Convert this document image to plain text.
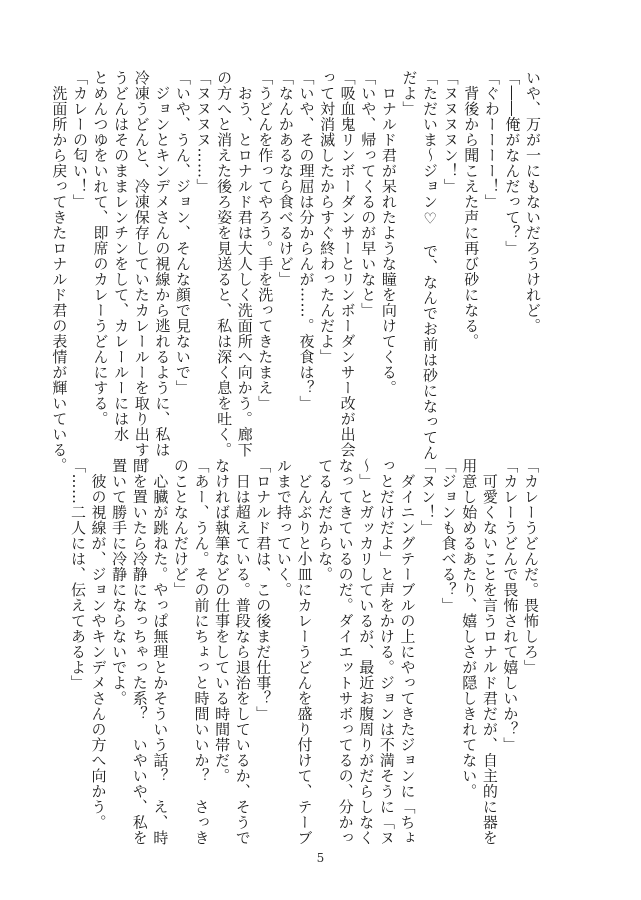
いや、万が一にもないだろうけれど。
「――俺がなんだって？」
「ぐわーーーー！」
　背後から聞こえた声に再び砂になる。
「ヌヌヌヌン！」
「ただいま〜ジョン♡　で、なんでお前は砂になってん
だよ」
　ロナルド君が呆れたような瞳を向けてくる。
「いや、帰ってくるのが早いなと」
「吸血鬼リンボーダンサーとリンボーダンサー改が出会
って対消滅したからすぐ終わったんだよ」
「いや、その理屈は分からんが……。夜食は？」
「なんかあるなら食べるけど」
「うどんを作ってやろう。手を洗ってきたまえ」
　おう、とロナルド君は大人しく洗面所へ向かう。廊下
の方へと消えた後ろ姿を見送ると、私は深く息を吐く。
「ヌヌヌヌ……」
「いや、うん、ジョン、そんな顔で見ないで」
　ジョンとキンデメさんの視線から逃れるように、私は
冷凍うどんと、冷凍保存していたカレールーを取り出す。
うどんはそのままレンチンをして、カレールーには水
とめんつゆをいれて、即席のカレーうどんにする。
「カレーの匂い！」
　洗面所から戻ってきたロナルド君の表情が輝いている。
「カレーうどんだ。畏怖しろ」
「カレーうどんで畏怖されて嬉しいか？」
　可愛くないことを言うロナルド君だが、自主的に器を
用意し始めるあたり、嬉しさが隠しきれてない。
「ジョンも食べる？」
「ヌン！」
　ダイニングテーブルの上にやってきたジョンに「ちょ
っとだけだよ」と声をかける。ジョンは不満そうに「ヌ
〜」とガッカリしているが、最近お腹周りがだらしなく
なってきているのだ。ダイエットサボってるの、分かっ
てるんだからな。
　どんぶりと小皿にカレーうどんを盛り付けて、テーブ
ルまで持っていく。
「ロナルド君は、この後まだ仕事？」
　日は超えている。普段なら退治をしているか、そうで
なければ執筆などの仕事をしている時間帯だ。
「あー、うん。その前にちょっと時間いいか？　さっき
のことなんだけど」
　心臓が跳ねた。やっぱ無理とかそういう話？　え、時
間を置いたら冷静になっちゃった系？　いやいや、私を
置いて勝手に冷静にならないでよ。
　彼の視線が、ジョンやキンデメさんの方へ向かう。
「……二人には、伝えてあるよ」
5
